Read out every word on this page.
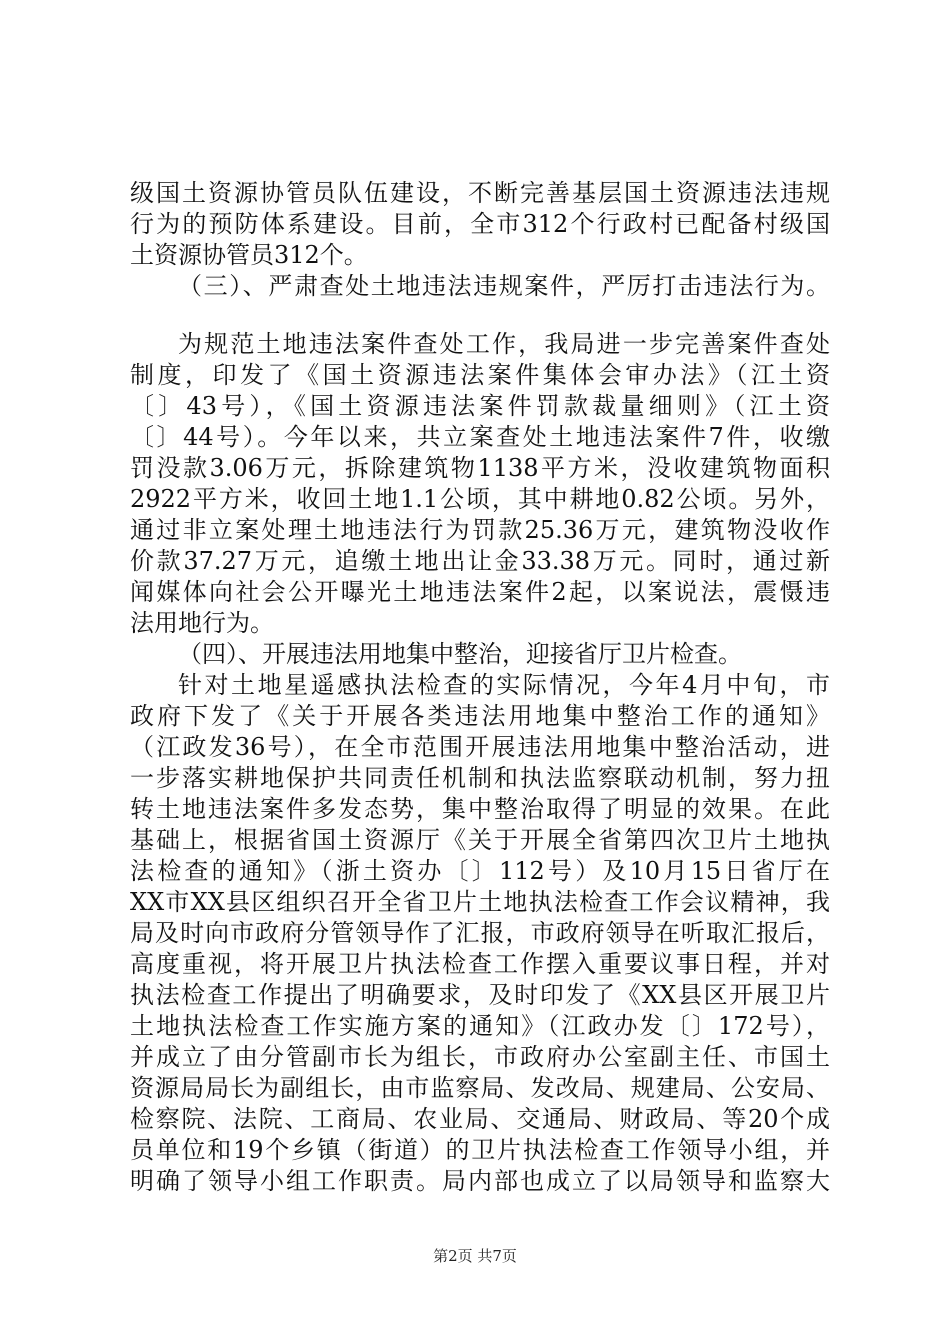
级国土资源协管员队伍建设，不断完善基层国土资源违法违规
行为的预防体系建设。目前，全市312个行政村已配备村级国
土资源协管员312个。
（三）、严肃查处土地违法违规案件，严厉打击违法行为。
为规范土地违法案件查处工作，我局进一步完善案件查处
制度，印发了《国土资源违法案件集体会审办法》（江土资
〔〕43号），《国土资源违法案件罚款裁量细则》（江土资
〔〕44号）。今年以来，共立案查处土地违法案件7件，收缴
罚没款3.06万元，拆除建筑物1138平方米，没收建筑物面积
2922平方米，收回土地1.1公顷，其中耕地0.82公顷。另外，
通过非立案处理土地违法行为罚款25.36万元，建筑物没收作
价款37.27万元，追缴土地出让金33.38万元。同时，通过新
闻媒体向社会公开曝光土地违法案件2起，以案说法，震慑违
法用地行为。
（四）、开展违法用地集中整治，迎接省厅卫片检查。
针对土地星遥感执法检查的实际情况，今年4月中旬，市
政府下发了《关于开展各类违法用地集中整治工作的通知》
（江政发36号），在全市范围开展违法用地集中整治活动，进
一步落实耕地保护共同责任机制和执法监察联动机制，努力扭
转土地违法案件多发态势，集中整治取得了明显的效果。在此
基础上，根据省国土资源厅《关于开展全省第四次卫片土地执
法检查的通知》（浙土资办〔〕112号）及10月15日省厅在
XX市XX县区组织召开全省卫片土地执法检查工作会议精神，我
局及时向市政府分管领导作了汇报，市政府领导在听取汇报后，
高度重视，将开展卫片执法检查工作摆入重要议事日程，并对
执法检查工作提出了明确要求，及时印发了《XX县区开展卫片
土地执法检查工作实施方案的通知》（江政办发〔〕172号），
并成立了由分管副市长为组长，市政府办公室副主任、市国土
资源局局长为副组长，由市监察局、发改局、规建局、公安局、
检察院、法院、工商局、农业局、交通局、财政局、等20个成
员单位和19个乡镇（街道）的卫片执法检查工作领导小组，并
明确了领导小组工作职责。局内部也成立了以局领导和监察大
第2页 共7页
